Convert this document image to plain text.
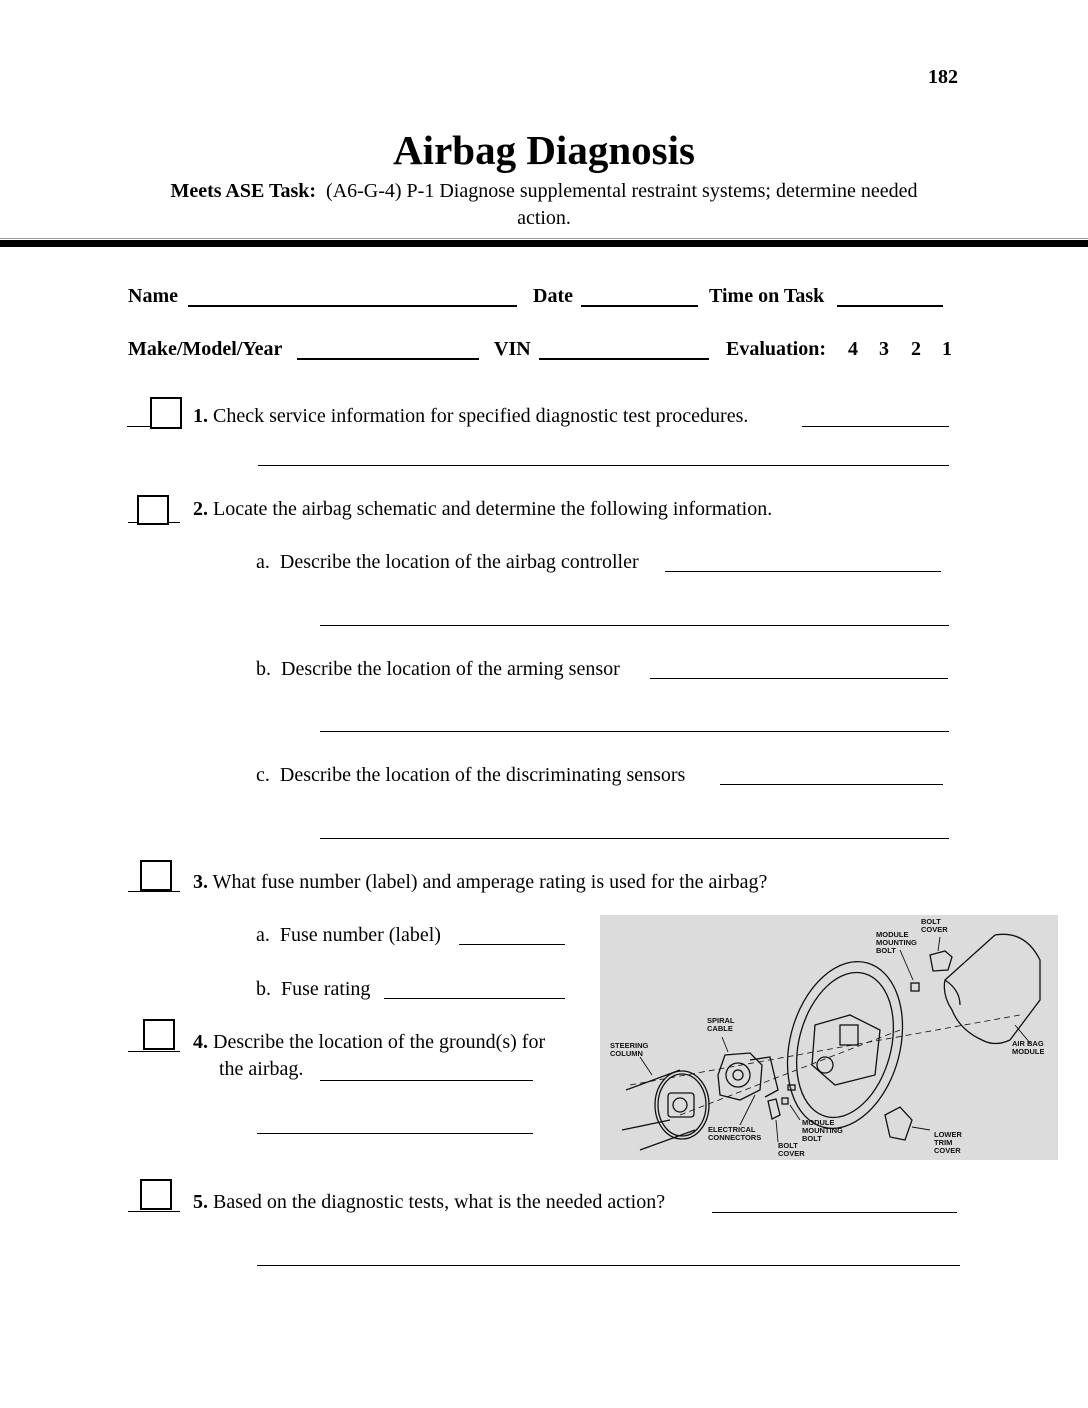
182
Airbag Diagnosis
Meets ASE Task: (A6-G-4) P-1 Diagnose supplemental restraint systems; determine needed
action.
Name	Date	Time on Task
Make/Model/Year	VIN	Evaluation: 4 3 2 1
1. Check service information for specified diagnostic test procedures.
2. Locate the airbag schematic and determine the following information.
a. Describe the location of the airbag controller
b. Describe the location of the arming sensor
c. Describe the location of the discriminating sensors
3. What fuse number (label) and amperage rating is used for the airbag?
a. Fuse number (label)
b. Fuse rating
4. Describe the location of the ground(s) for
the airbag.
5. Based on the diagnostic tests, what is the needed action?
BOLT COVER
MODULE MOUNTING BOLT
SPIRAL CABLE
STEERING COLUMN
AIR BAG MODULE
ELECTRICAL CONNECTORS
MODULE MOUNTING BOLT
BOLT COVER
LOWER TRIM COVER
